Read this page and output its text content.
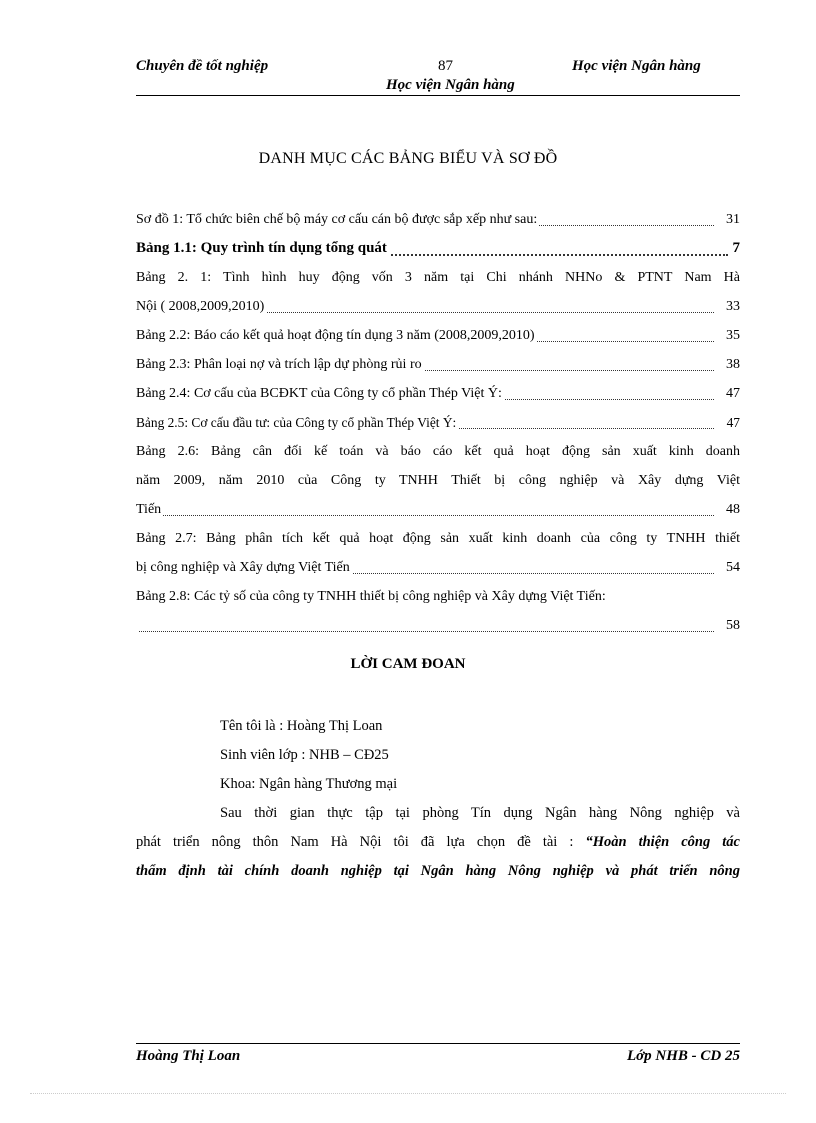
Chuyên đề tốt nghiệp	87	Học viện Ngân hàng
Học viện Ngân hàng
DANH MỤC CÁC BẢNG BIỂU VÀ SƠ ĐỒ
Sơ đồ 1: Tổ chức biên chế bộ máy cơ cấu cán bộ được sắp xếp như sau:	31
Bảng 1.1: Quy trình tín dụng tổng quát	7
Bảng 2. 1: Tình hình huy động vốn 3 năm tại Chi nhánh NHNo & PTNT Nam Hà
Nội ( 2008,2009,2010)	33
Bảng 2.2: Báo cáo kết quả hoạt động tín dụng 3 năm (2008,2009,2010)	35
Bảng 2.3: Phân loại nợ và trích lập dự phòng rủi ro	38
Bảng 2.4: Cơ cấu của BCĐKT của Công ty cổ phần Thép Việt Ý:	47
Bảng 2.5: Cơ cấu đầu tư: của Công ty cổ phần Thép Việt Ý:	47
Bảng 2.6: Bảng cân đối kế toán và báo cáo kết quả hoạt động sản xuất kinh doanh
năm 2009, năm 2010 của Công ty TNHH Thiết bị công nghiệp và Xây dựng Việt
Tiến	48
Bảng 2.7: Bảng phân tích kết quả hoạt động sản xuất kinh doanh của công ty TNHH thiết
bị công nghiệp và Xây dựng Việt Tiến	54
Bảng 2.8: Các tỷ số của công ty TNHH thiết bị công nghiệp và Xây dựng Việt Tiến:
58
LỜI CAM ĐOAN
Tên tôi là : Hoàng Thị Loan
Sinh viên lớp : NHB – CĐ25
Khoa: Ngân hàng Thương mại
Sau thời gian thực tập tại phòng Tín dụng Ngân hàng Nông nghiệp và
phát triển nông thôn Nam Hà Nội tôi đã lựa chọn đề tài : “Hoàn thiện công tác
thẩm định tài chính doanh nghiệp tại Ngân hàng Nông nghiệp và phát triển nông
Hoàng Thị Loan	Lớp NHB - CD 25
